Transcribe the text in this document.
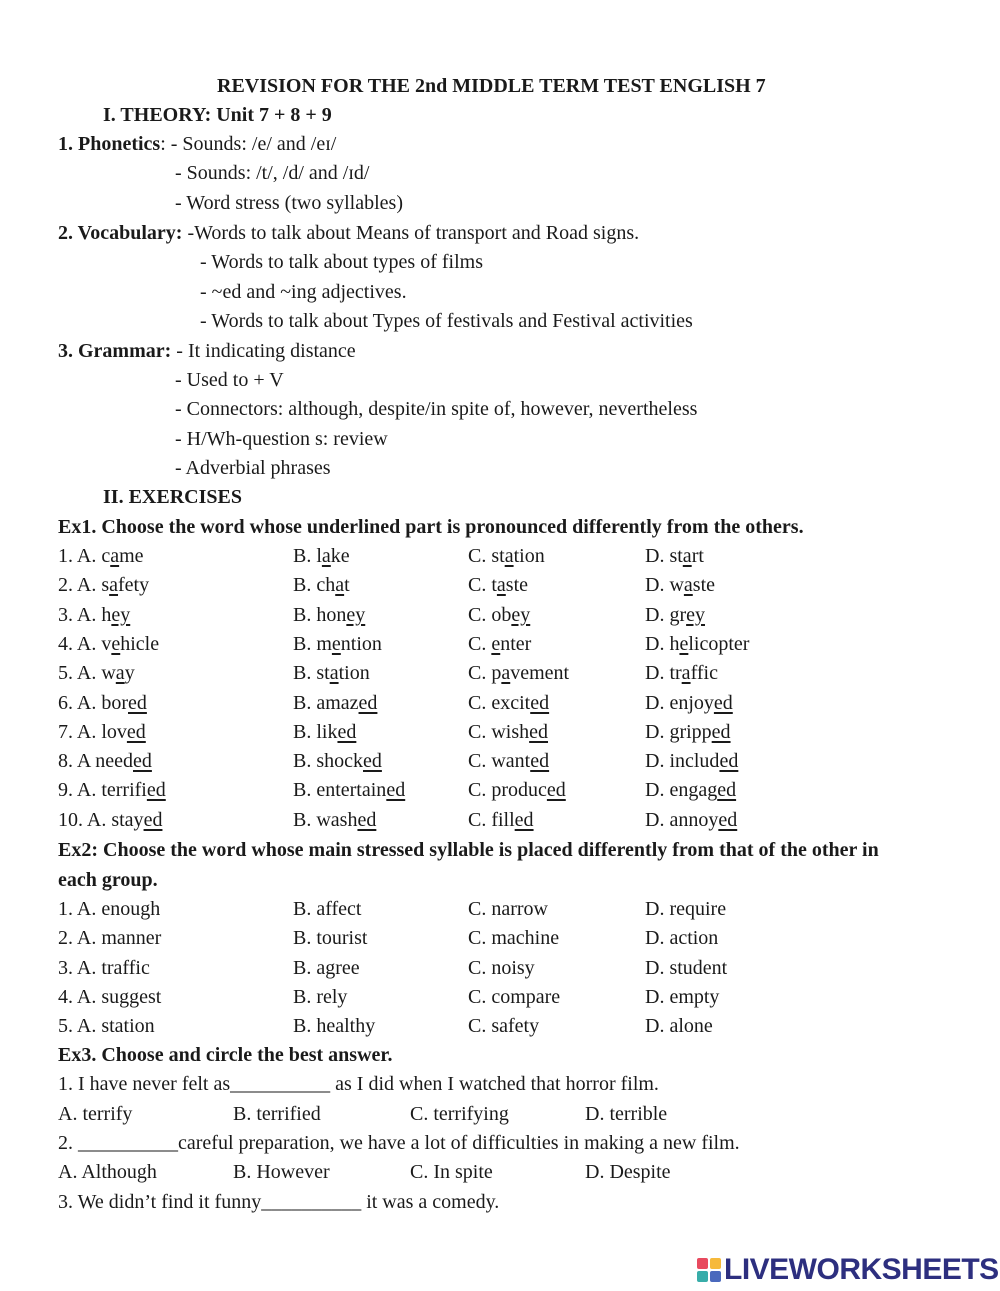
REVISION FOR THE 2nd MIDDLE TERM TEST ENGLISH 7
I. THEORY: Unit 7 + 8 + 9
1. Phonetics: - Sounds: /e/ and /eɪ/
- Sounds: /t/, /d/ and /ɪd/
- Word stress (two syllables)
2. Vocabulary: -Words to talk about Means of transport and Road signs.
- Words to talk about types of films
- ~ed and ~ing adjectives.
- Words to talk about Types of festivals and Festival activities
3. Grammar: - It indicating distance
- Used to + V
- Connectors: although, despite/in spite of, however, nevertheless
- H/Wh-question s: review
- Adverbial phrases
II. EXERCISES
Ex1. Choose the word whose underlined part is pronounced differently from the others.
1. A. came	B. lake	C. station	D. start
2. A. safety	B. chat	C. taste	D. waste
3. A. hey	B. honey	C. obey	D. grey
4. A. vehicle	B. mention	C. enter	D. helicopter
5. A. way	B. station	C. pavement	D. traffic
6. A. bored	B. amazed	C. excited	D. enjoyed
7. A. loved	B. liked	C. wished	D. gripped
8. A needed	B. shocked	C. wanted	D. included
9. A. terrified	B. entertained	C. produced	D. engaged
10. A. stayed	B. washed	C. filled	D. annoyed
Ex2: Choose the word whose main stressed syllable is placed differently from that of the other in
each group.
1. A. enough	B. affect	C. narrow	D. require
2. A. manner	B. tourist	C. machine	D. action
3. A. traffic	B. agree	C. noisy	D. student
4. A. suggest	B. rely	C. compare	D. empty
5. A. station	B. healthy	C. safety	D. alone
Ex3. Choose and circle the best answer.
1. I have never felt as__________ as I did when I watched that horror film.
A. terrify	B. terrified	C. terrifying	D. terrible
2. __________careful preparation, we have a lot of difficulties in making a new film.
A. Although	B. However	C. In spite	D. Despite
3. We didn’t find it funny__________ it was a comedy.
LIVEWORKSHEETS
